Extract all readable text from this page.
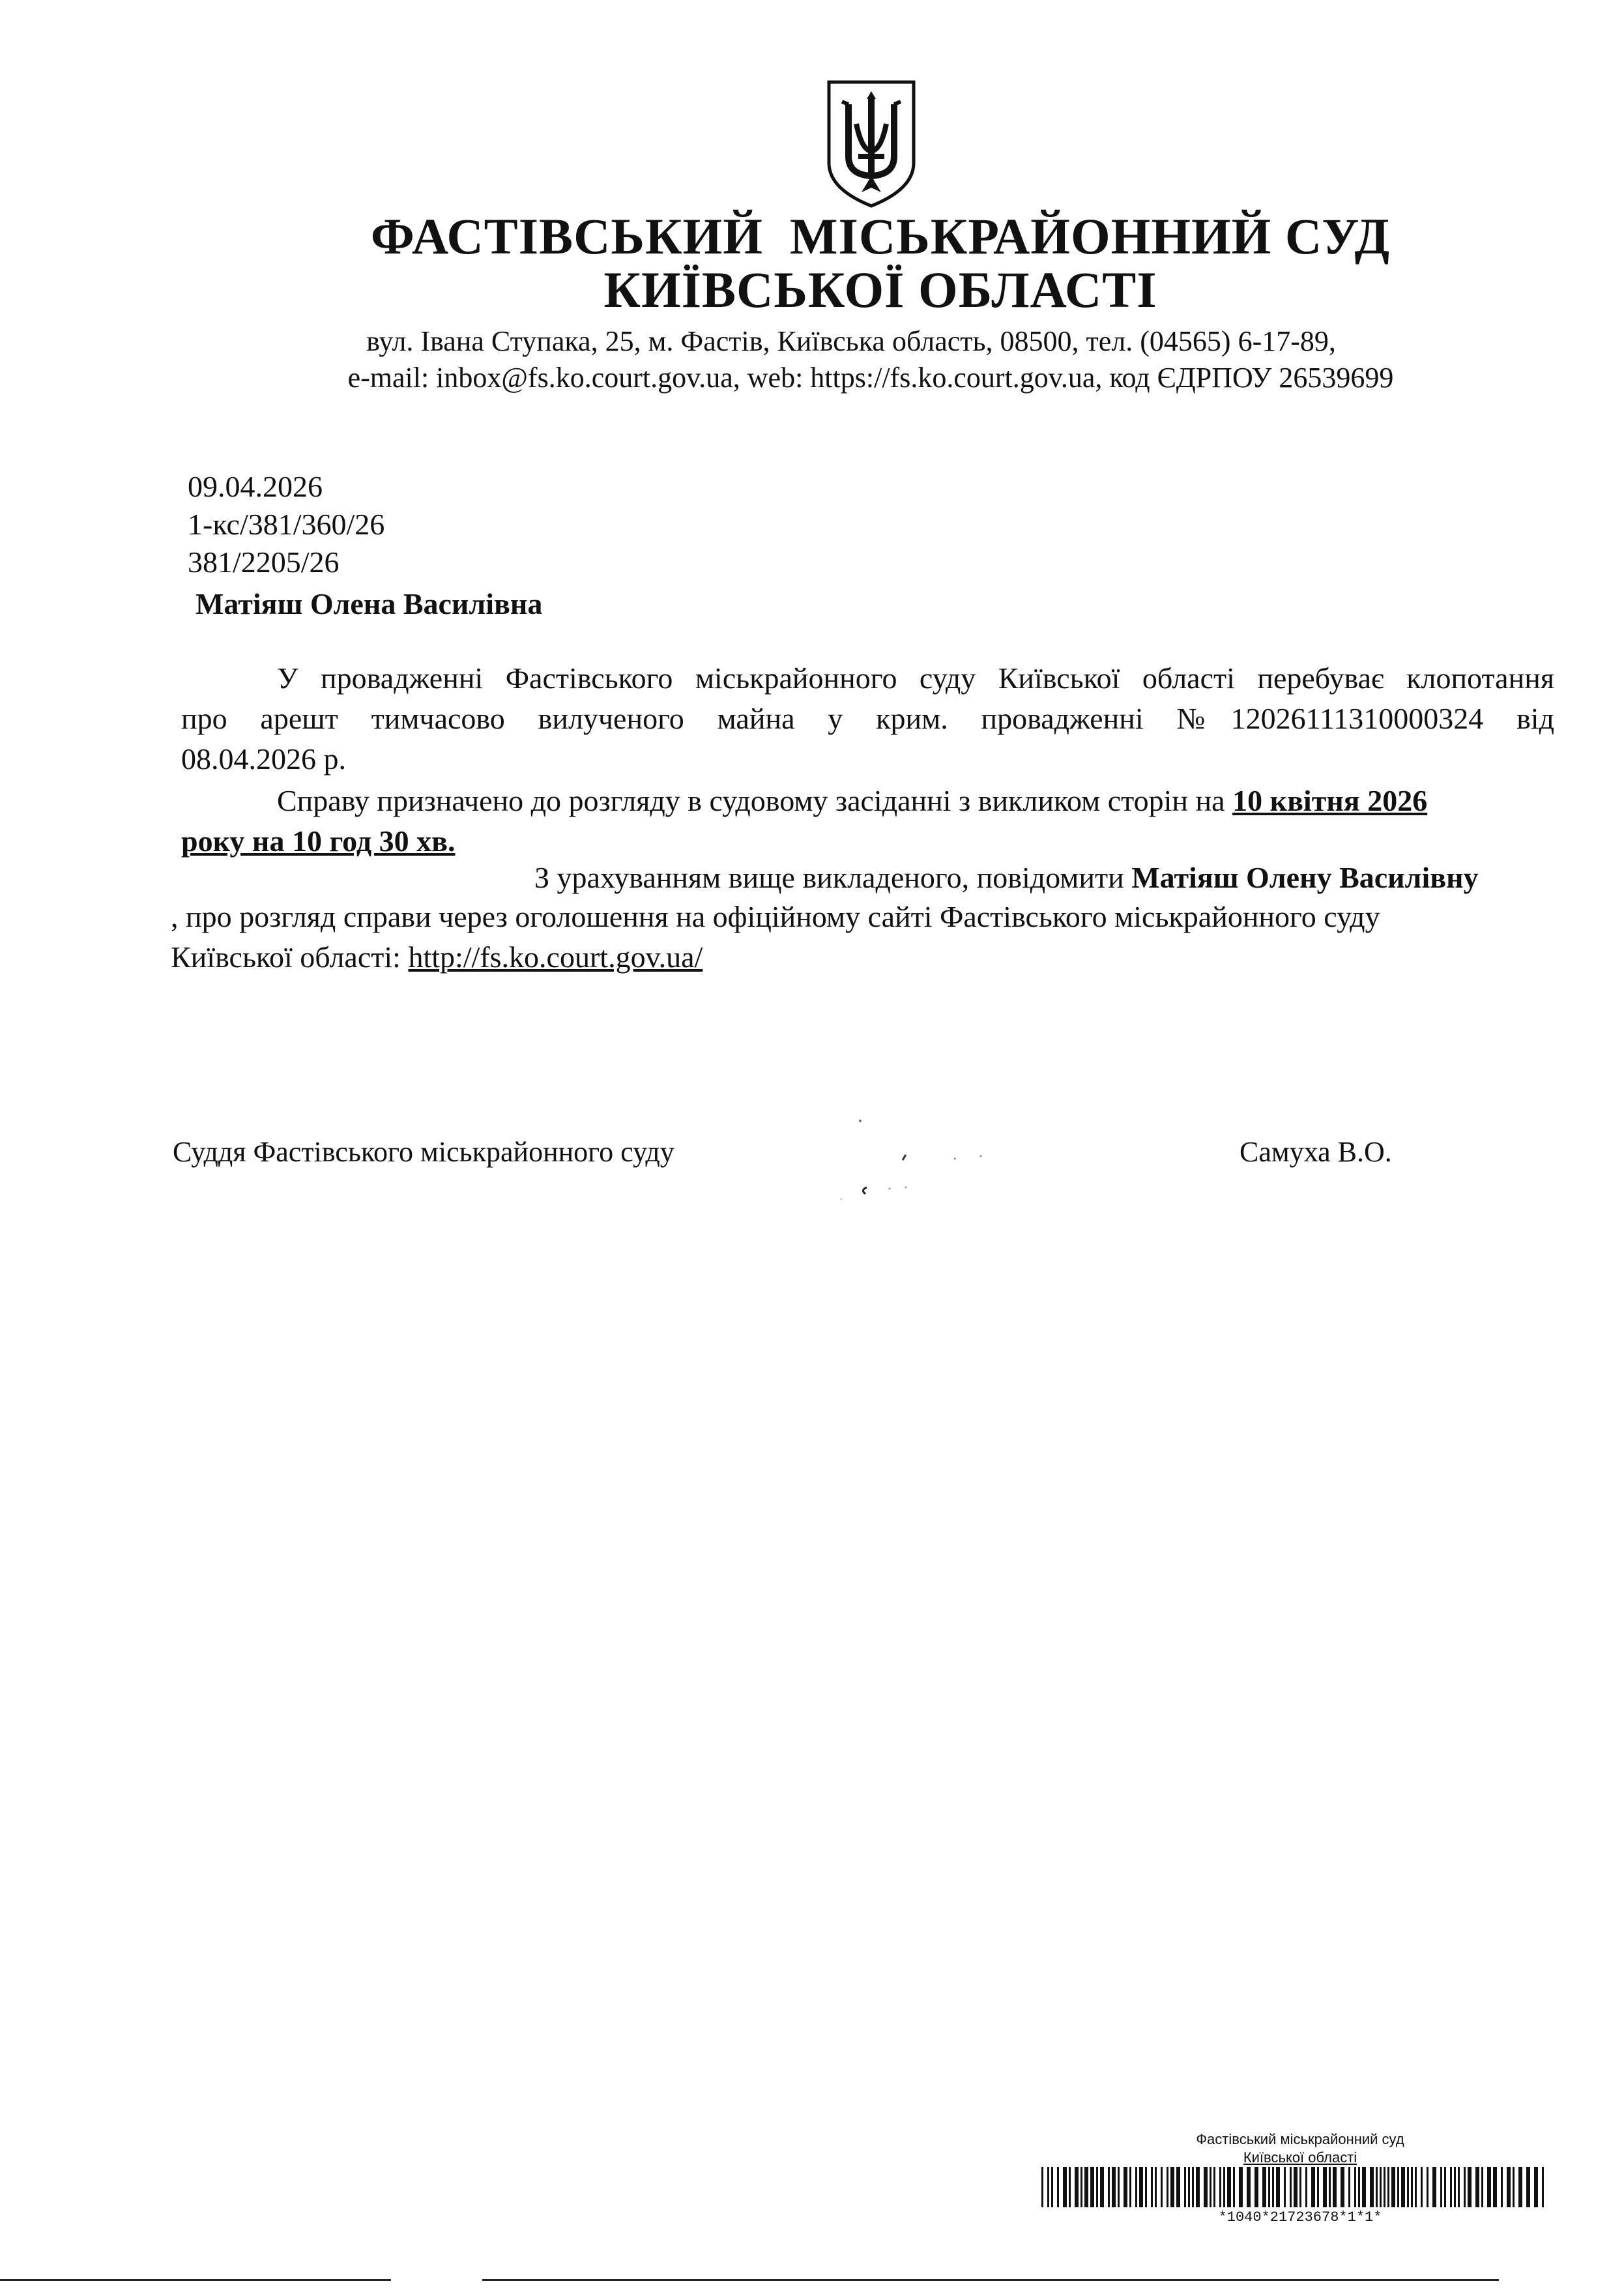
ФАСТІВСЬКИЙ  МІСЬКРАЙОННИЙ СУД
КИЇВСЬКОЇ ОБЛАСТІ
вул. Івана Ступака, 25, м. Фастів, Київська область, 08500, тел. (04565) 6-17-89,
e-mail: inbox@fs.ko.court.gov.ua, web: https://fs.ko.court.gov.ua, код ЄДРПОУ 26539699
09.04.2026
1-кс/381/360/26
381/2205/26
Матіяш Олена Василівна
У провадженні Фастівського міськрайонного суду Київської області перебуває клопотання
про арешт тимчасово вилученого майна у крим. провадженні №12026111310000324 від
08.04.2026 р.
Справу призначено до розгляду в судовому засіданні з викликом сторін на 10 квітня 2026
року на 10 год 30 хв.
З урахуванням вище викладеного, повідомити Матіяш Олену Василівну
, про розгляд справи через оголошення на офіційному сайті Фастівського міськрайонного суду
Київської області: http://fs.ko.court.gov.ua/
Суддя Фастівського міськрайонного суду	Самуха В.О.
Фастівський міськрайонний суд
Київської області
*1040*21723678*1*1*
